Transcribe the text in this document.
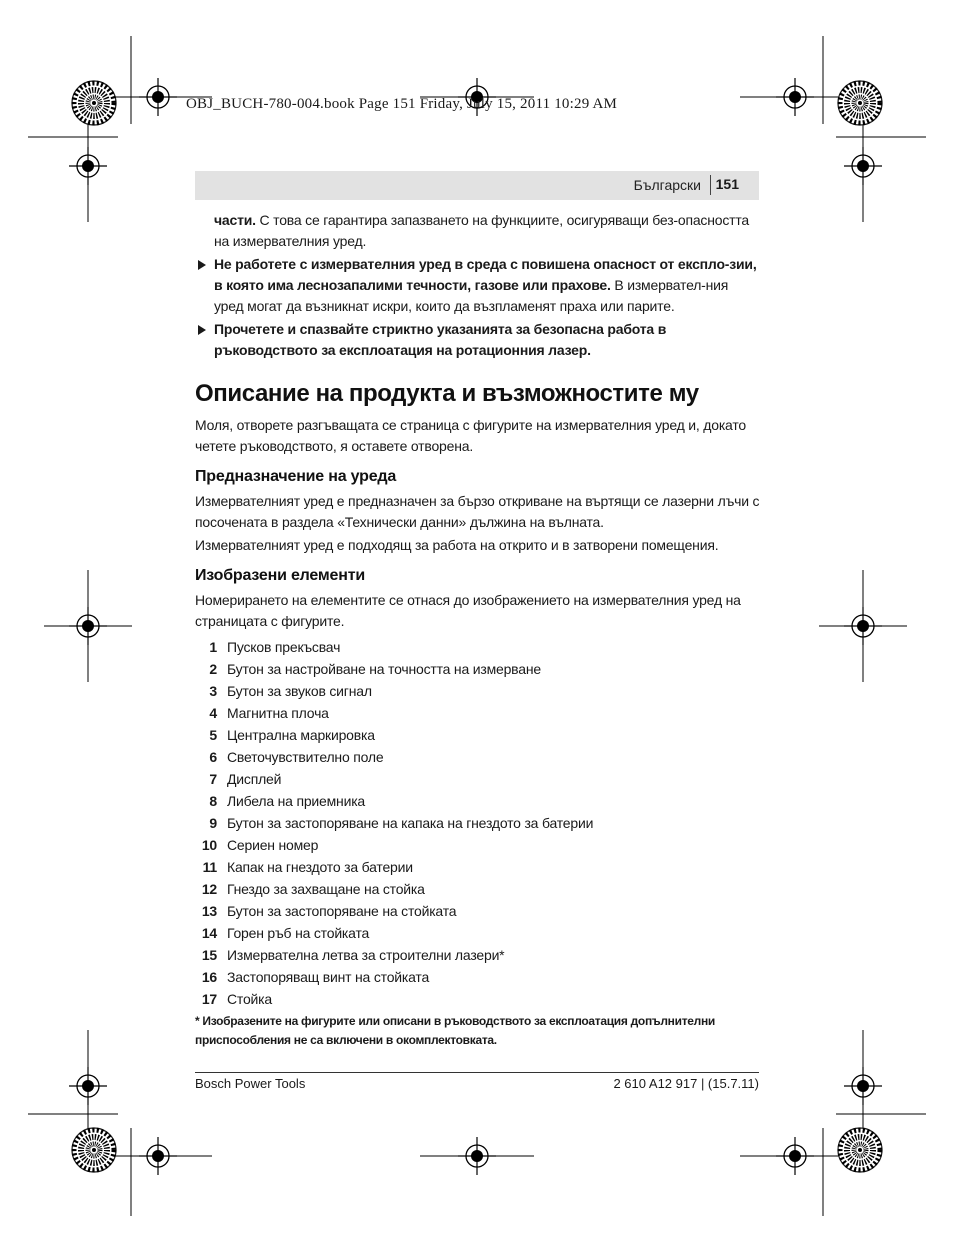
OBJ_BUCH-780-004.book Page 151 Friday, July 15, 2011 10:29 AM
Български 151

части. С това се гарантира запазването на функциите, осигуряващи без-опасността на измервателния уред.

Не работете с измервателния уред в среда с повишена опасност от експло-зии, в която има леснозапалими течности, газове или прахове. В измервател-ния уред могат да възникнат искри, които да възпламенят праха или парите.
Прочетете и спазвайте стриктно указанията за безопасна работа в ръководството за експлоатация на ротационния лазер.
Описание на продукта и възможностите му

Моля, отворете разгъващата се страница с фигурите на измервателния уред и, докато четете ръководството, я оставете отворена.

Предназначение на уреда

Измервателният уред е предназначен за бързо откриване на въртящи се лазерни лъчи с посочената в раздела «Технически данни» дължина на вълната.

Измервателният уред е подходящ за работа на открито и в затворени помещения.

Изобразени елементи

Номерирането на елементите се отнася до изображението на измервателния уред на страницата с фигурите.

1 Пусков прекъсвач
2 Бутон за настройване на точността на измерване
3 Бутон за звуков сигнал
4 Магнитна плоча
5 Централна маркировка
6 Светочувствително поле
7 Дисплей
8 Либела на приемника
9 Бутон за застопоряване на капака на гнездото за батерии
10 Сериен номер
11 Капак на гнездото за батерии
12 Гнездо за захващане на стойка
13 Бутон за застопоряване на стойката
14 Горен ръб на стойката
15 Измервателна летва за строителни лазери*
16 Застопоряващ винт на стойката
17 Стойка
* Изобразените на фигурите или описани в ръководството за експлоатация допълнителни приспособления не са включени в окомплектовката.
Bosch Power Tools	2 610 A12 917 | (15.7.11)
